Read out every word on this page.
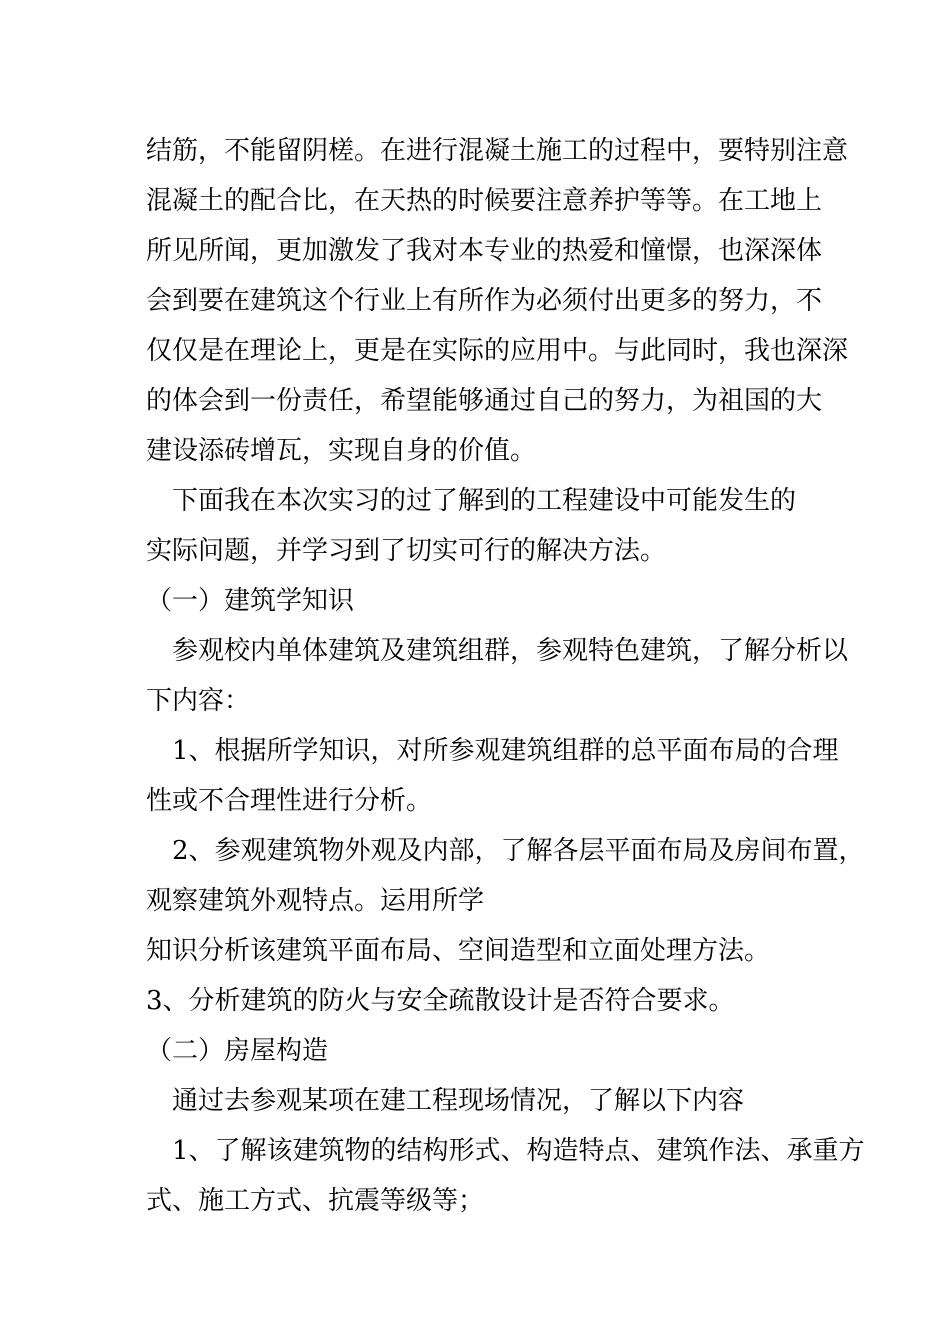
结筋，不能留阴槎。在进行混凝土施工的过程中，要特别注意
混凝土的配合比，在天热的时候要注意养护等等。在工地上
所见所闻，更加激发了我对本专业的热爱和憧憬，也深深体
会到要在建筑这个行业上有所作为必须付出更多的努力，不
仅仅是在理论上，更是在实际的应用中。与此同时，我也深深
的体会到一份责任，希望能够通过自己的努力，为祖国的大
建设添砖增瓦，实现自身的价值。
　下面我在本次实习的过了解到的工程建设中可能发生的
实际问题，并学习到了切实可行的解决方法。
（一）建筑学知识
　参观校内单体建筑及建筑组群，参观特色建筑，了解分析以
下内容：
　1、根据所学知识，对所参观建筑组群的总平面布局的合理
性或不合理性进行分析。
　2、参观建筑物外观及内部，了解各层平面布局及房间布置，
观察建筑外观特点。运用所学
知识分析该建筑平面布局、空间造型和立面处理方法。
3、分析建筑的防火与安全疏散设计是否符合要求。
（二）房屋构造
　通过去参观某项在建工程现场情况，了解以下内容
　1、了解该建筑物的结构形式、构造特点、建筑作法、承重方
式、施工方式、抗震等级等；
